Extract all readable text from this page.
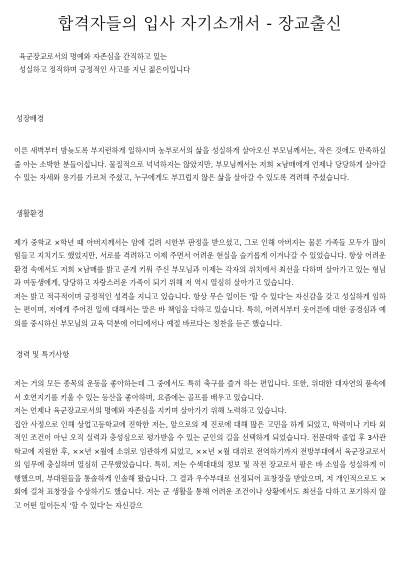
합격자들의 입사 자기소개서 - 장교출신
육군장교로서의 명예와 자존심을 간직하고 있는
성실하고 정직하며 긍정적인 사고를 지닌 젊은이입니다
성장배경

이른 새벽부터 밤늦도록 부지런하게 일하시며 농부로서의 삶을 성실하게 살아오신 부모님께서는, 작은 것에도 만족하실 줄 아는 소박한 분들이십니다. 물질적으로 넉넉하지는 않았지만, 부모님께서는 저희 ×남매에게 언제나 당당하게 살아갈 수 있는 자세와 용기를 가르쳐 주셨고, 누구에게도 부끄럽지 않은 삶을 살아갈 수 있도록 격려해 주셨습니다.

생활환경

제가 중학교 ×학년 때 아버지께서는 암에 걸려 시한부 판정을 받으셨고, 그로 인해 아버지는 물론 가족들 모두가 많이 힘들고 지치기도 했었지만, 서로를 격려하고 이제 주면서 어려운 현실을 슬기롭게 이겨나갈 수 있었습니다. 항상 어려운 환경 속에서도 저희 ×남매를 밝고 곧게 키워 주신 부모님과 이제는 각자의 위치에서 최선을 다하며 살아가고 있는 형님과 여동생에게, 당당하고 자랑스러운 가족이 되기 위해 저 역시 열심히 살아가고 있습니다.

저는 밝고 적극적이며 긍정적인 성격을 지니고 있습니다. 항상 무슨 일이든 '할 수 있다'는 자신감을 갖고 성실하게 임하는 편이며, 저에게 주어진 일에 대해서는 말은 바 책임을 다하고 있습니다. 특히, 어려서부터 웃어른에 대한 공경심과 예의를 중시하신 부모님의 교육 덕분에 어디에서나 예절 바르다는 칭찬을 듣곤 했습니다.

경력 및 특기사항

저는 거의 모든 종목의 운동을 좋아하는데 그 중에서도 특히 축구를 즐겨 하는 편입니다. 또한, 위대한 대자연의 품속에서 호연지기를 키울 수 있는 등산을 좋아하며, 요즘에는 골프를 배우고 있습니다.

저는 언제나 육군장교로서의 명예와 자존심을 지키며 살아가기 위해 노력하고 있습니다.

집안 사정으로 인해 상업고등학교에 진학한 저는, 앞으로의 제 진로에 대해 많은 고민을 하게 되었고, 학력이나 기타 외적인 조건이 아닌 오직 실력과 충성심으로 평가받을 수 있는 군인의 길을 선택하게 되었습니다. 전문대학 졸업 후 3사관학교에 지원한 후, ××년 ×월에 소위로 임관하게 되었고, ××년 ×월 대위로 전역하기까지 전방부대에서 육군장교로서의 임무에 충실하며 열심히 근무했었습니다. 특히, 저는 수색대대의 정보 및 작전 장교로서 팔은 바 소임을 성실하게 이행했으며, 부대원들을 통솔하게 인솔해 왔습니다. 그 결과 우수부대로 선정되어 표창장을 받았으며, 저 개인적으로도 ×회에 걸쳐 표창장을 수상하기도 했습니다. 저는 군 생활을 통해 어려운 조건이나 상황에서도 최선을 다하고 포기하지 않고 어떤 일이든지 '할 수 있다'는 자신감으
